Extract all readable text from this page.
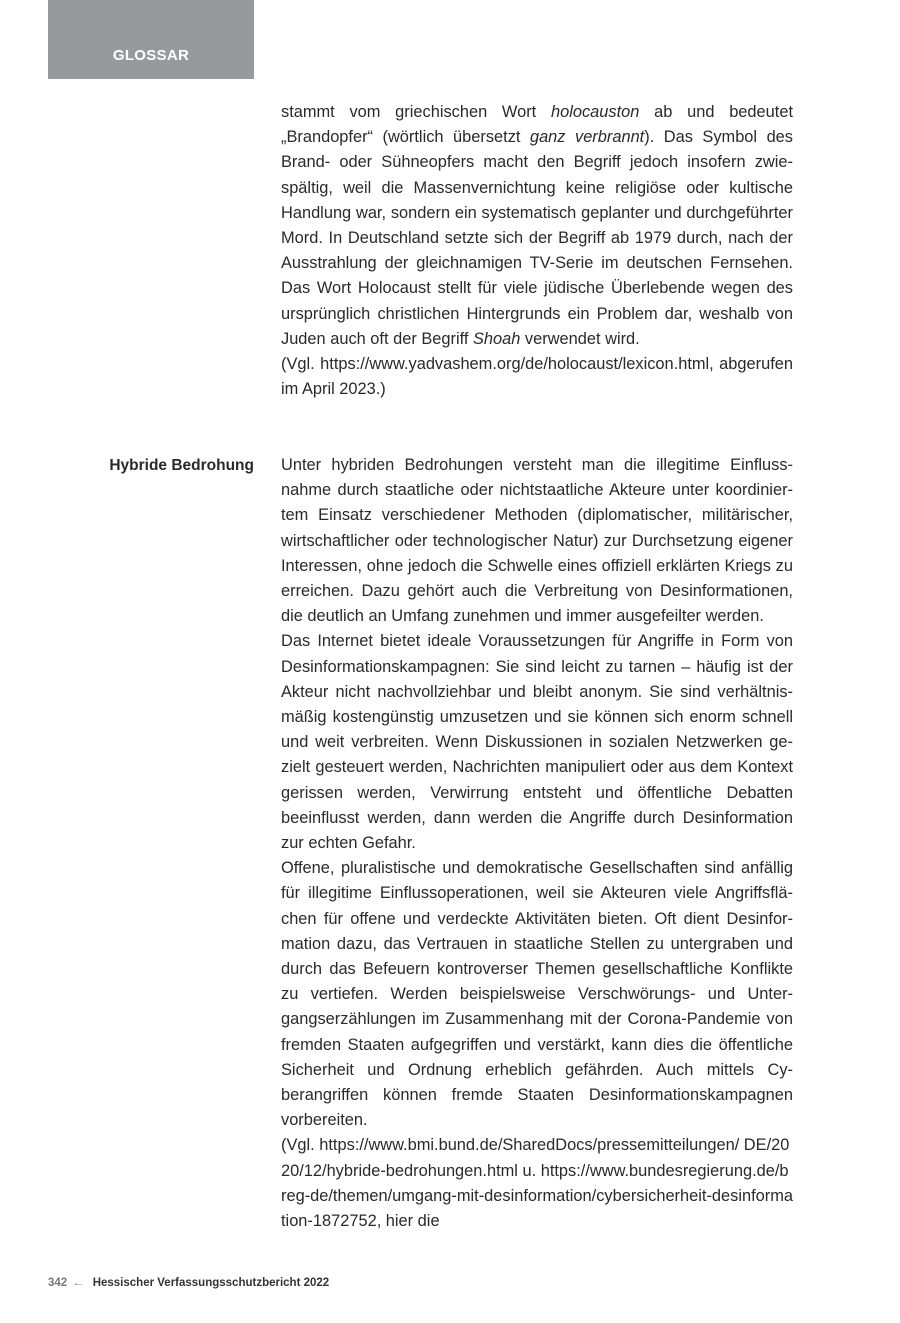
GLOSSAR

stammt vom griechischen Wort holocauston ab und bedeutet „Brandopfer“ (wörtlich übersetzt ganz verbrannt). Das Symbol des Brand- oder Sühneopfers macht den Begriff jedoch insofern zwiespältig, weil die Massenvernichtung keine religiöse oder kultische Handlung war, sondern ein systematisch geplanter und durchgeführter Mord. In Deutschland setzte sich der Begriff ab 1979 durch, nach der Ausstrahlung der gleichnamigen TV-Serie im deutschen Fernsehen. Das Wort Holocaust stellt für viele jüdische Überlebende wegen des ursprünglich christlichen Hintergrunds ein Problem dar, weshalb von Juden auch oft der Begriff Shoah verwendet wird.

(Vgl. https://www.yadvashem.org/de/holocaust/lexicon.html, abgerufen im April 2023.)

Hybride Bedrohung Unter hybriden Bedrohungen versteht man die illegitime Einflussnahme durch staatliche oder nichtstaatliche Akteure unter koordiniertem Einsatz verschiedener Methoden (diplomatischer, militärischer, wirtschaftlicher oder technologischer Natur) zur Durchsetzung eigener Interessen, ohne jedoch die Schwelle eines offiziell erklärten Kriegs zu erreichen. Dazu gehört auch die Verbreitung von Desinformationen, die deutlich an Umfang zunehmen und immer ausgefeilter werden.

Das Internet bietet ideale Voraussetzungen für Angriffe in Form von Desinformationskampagnen: Sie sind leicht zu tarnen – häufig ist der Akteur nicht nachvollziehbar und bleibt anonym. Sie sind verhältnismäßig kostengünstig umzusetzen und sie können sich enorm schnell und weit verbreiten. Wenn Diskussionen in sozialen Netzwerken gezielt gesteuert werden, Nachrichten manipuliert oder aus dem Kontext gerissen werden, Verwirrung entsteht und öffentliche Debatten beeinflusst werden, dann werden die Angriffe durch Desinformation zur echten Gefahr.

Offene, pluralistische und demokratische Gesellschaften sind anfällig für illegitime Einflussoperationen, weil sie Akteuren viele Angriffsflächen für offene und verdeckte Aktivitäten bieten. Oft dient Desinformation dazu, das Vertrauen in staatliche Stellen zu untergraben und durch das Befeuern kontroverser Themen gesellschaftliche Konflikte zu vertiefen. Werden beispielsweise Verschwörungs- und Untergangserzählungen im Zusammenhang mit der Corona-Pandemie von fremden Staaten aufgegriffen und verstärkt, kann dies die öffentliche Sicherheit und Ordnung erheblich gefährden. Auch mittels Cyberangriffen können fremde Staaten Desinformationskampagnen vorbereiten.

(Vgl. https://www.bmi.bund.de/SharedDocs/pressemitteilungen/ DE/2020/12/hybride-bedrohungen.html u. https://www.bundesregierung.de/breg-de/themen/umgang-mit-desinformation/cybersicherheit-desinformation-1872752, hier die

342 ← Hessischer Verfassungsschutzbericht 2022
